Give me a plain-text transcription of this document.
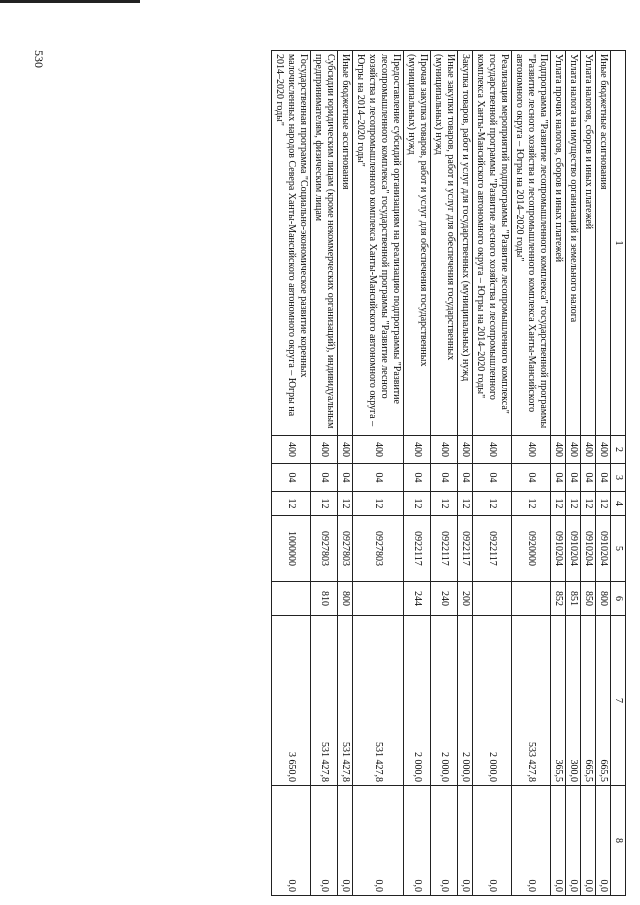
530
1	2	3	4	5	6	7	8
Иные бюджетные ассигнования	400	04	12	0910204	800	665,5	0,0
Уплата налогов, сборов и иных платежей	400	04	12	0910204	850	665,5	0,0
Уплата налога на имущество организаций и земельного налога	400	04	12	0910204	851	300,0	0,0
Уплата прочих налогов, сборов и иных платежей	400	04	12	0910204	852	365,5	0,0
Подпрограмма "Развитие лесопромышленного комплекса" государственной программы "Развитие лесного хозяйства и лесопромышленного комплекса Ханты-Мансийского автономного округа – Югры на 2014–2020 годы"	400	04	12	0920000		533 427,8	0,0
Реализация мероприятий подпрограммы "Развитие лесопромышленного комплекса" государственной программы "Развитие лесного хозяйства и лесопромышленного комплекса Ханты-Мансийского автономного округа – Югры на 2014–2020 годы"	400	04	12	0922117		2 000,0	0,0
Закупка товаров, работ и услуг для государственных (муниципальных) нужд	400	04	12	0922117	200	2 000,0	0,0
Иные закупки товаров, работ и услуг для обеспечения государственных (муниципальных) нужд	400	04	12	0922117	240	2 000,0	0,0
Прочая закупка товаров, работ и услуг для обеспечения государственных (муниципальных) нужд	400	04	12	0922117	244	2 000,0	0,0
Предоставление субсидий организациям на реализацию подпрограммы "Развитие лесопромышленного комплекса" государственной программы "Развитие лесного хозяйства и лесопромышленного комплекса Ханты-Мансийского автономного округа – Югры на 2014–2020 годы"	400	04	12	0927803		531 427,8	0,0
Иные бюджетные ассигнования	400	04	12	0927803	800	531 427,8	0,0
Субсидии юридическим лицам (кроме некоммерческих организаций), индивидуальным предпринимателям, физическим лицам	400	04	12	0927803	810	531 427,8	0,0
Государственная программа "Социально-экономическое развитие коренных малочисленных народов Севера Ханты-Мансийского автономного округа – Югры на 2014–2020 годы"	400	04	12	1000000		3 650,0	0,0
